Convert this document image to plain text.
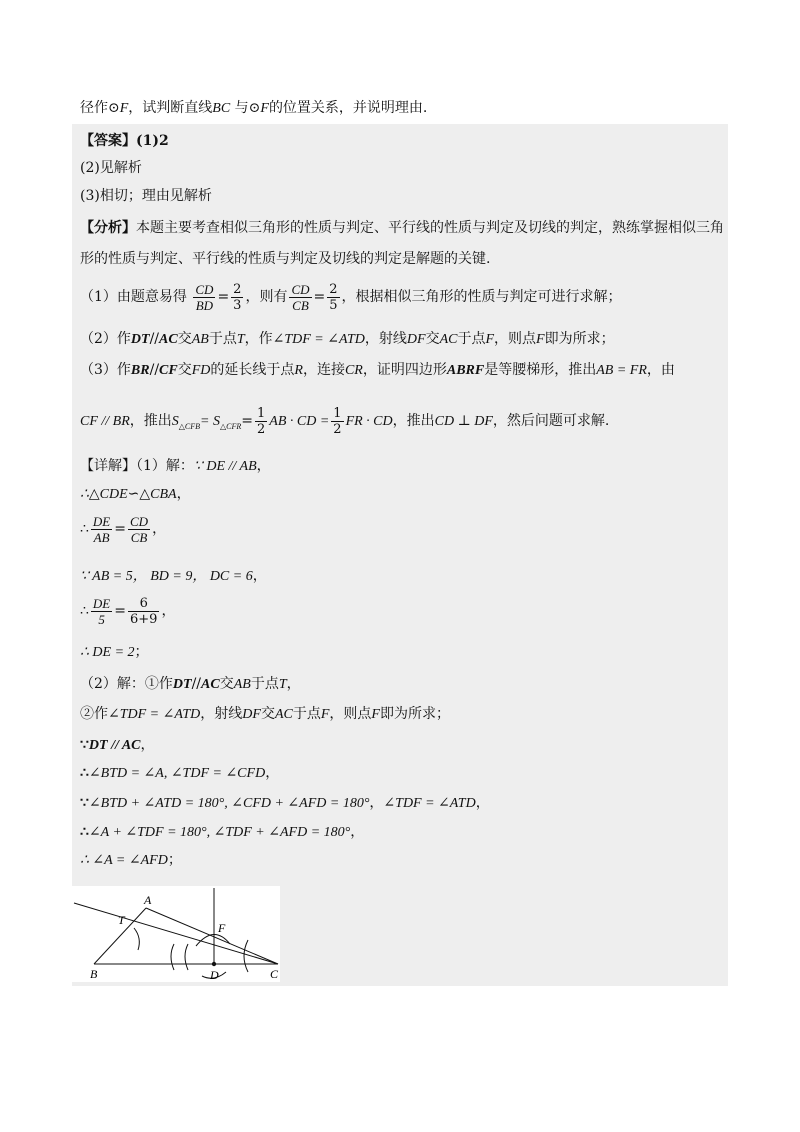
径作⊙F，试判断直线BC 与⊙F的位置关系，并说明理由.
【答案】(1)2
(2)见解析
(3)相切；理由见解析
【分析】本题主要考查相似三角形的性质与判定、平行线的性质与判定及切线的判定，熟练掌握相似三角
形的性质与判定、平行线的性质与判定及切线的判定是解题的关键.
（1）由题意易得 $\frac{CD}{BD} = \frac{2}{3}$ ，则有 $\frac{CD}{CB} = \frac{2}{5}$ ，根据相似三角形的性质与判定可进行求解；
（2）作DT//AC交AB于点T，作∠TDF = ∠ATD，射线DF交AC于点F，则点F即为所求；
（3）作BR//CF交FD的延长线于点R，连接CR，证明四边形ABRF是等腰梯形，推出AB = FR，由
CF // BR，推出$S_{\triangle CFB}= S_{\triangle CFR}= \frac{1}{2}$ AB · CD = $\frac{1}{2}$ FR · CD，推出CD ⊥ DF，然后问题可求解.
【详解】（1）解：∵ DE // AB，
∴△CDE∽△CBA，
∴ $\frac{DE}{AB} = \frac{CD}{CB}$ ，
∵ AB = 5， BD = 9， DC = 6，
∴ $\frac{DE}{5} = \frac{6}{6+9}$ ，
∴ DE = 2；
（2）解：①作DT//AC交AB于点T，
②作∠TDF = ∠ATD，射线DF交AC于点F，则点F即为所求；
∵DT // AC，
∴∠BTD = ∠A, ∠TDF = ∠CFD，
∵∠BTD + ∠ATD = 180°, ∠CFD + ∠AFD = 180°，∠TDF = ∠ATD，
∴∠A + ∠TDF = 180°, ∠TDF + ∠AFD = 180°，
∴ ∠A = ∠AFD；
A
T
F
B	D	C
